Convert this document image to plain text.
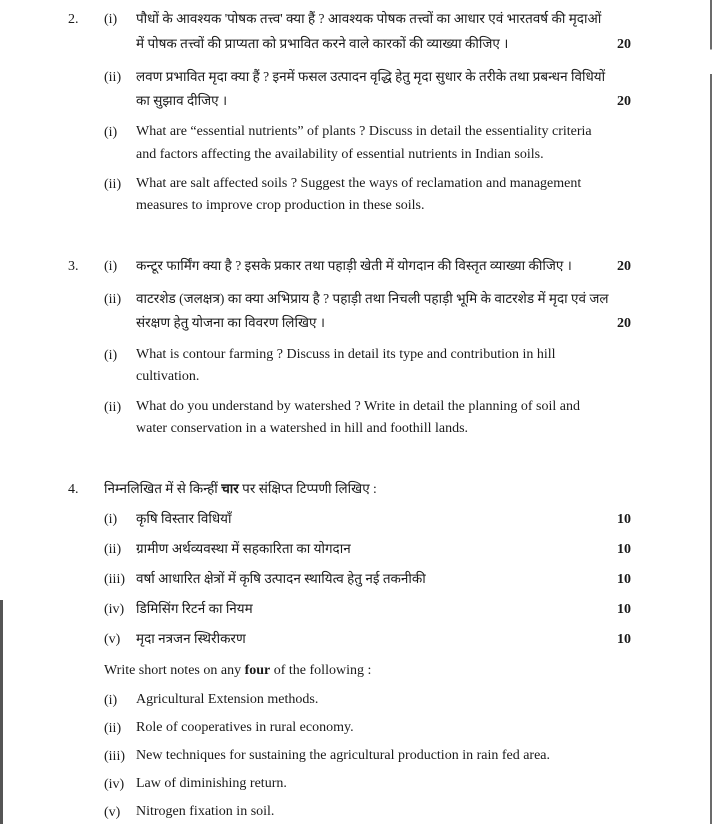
2. (i) पौधों के आवश्यक 'पोषक तत्त्व' क्या हैं ? आवश्यक पोषक तत्त्वों का आधार एवं भारतवर्ष की मृदाओं
में पोषक तत्त्वों की प्राप्यता को प्रभावित करने वाले कारकों की व्याख्या कीजिए ।	20
(ii) लवण प्रभावित मृदा क्या हैं ? इनमें फसल उत्पादन वृद्धि हेतु मृदा सुधार के तरीके तथा प्रबन्धन विधियों
का सुझाव दीजिए ।	20
(i) What are “essential nutrients” of plants ? Discuss in detail the essentiality criteria
and factors affecting the availability of essential nutrients in Indian soils.
(ii) What are salt affected soils ? Suggest the ways of reclamation and management
measures to improve crop production in these soils.
3. (i) कन्टूर फार्मिंग क्या है ? इसके प्रकार तथा पहाड़ी खेती में योगदान की विस्तृत व्याख्या कीजिए ।	20
(ii) वाटरशेड (जलक्षत्र) का क्या अभिप्राय है ? पहाड़ी तथा निचली पहाड़ी भूमि के वाटरशेड में मृदा एवं जल
संरक्षण हेतु योजना का विवरण लिखिए ।	20
(i) What is contour farming ? Discuss in detail its type and contribution in hill
cultivation.
(ii) What do you understand by watershed ? Write in detail the planning of soil and
water conservation in a watershed in hill and foothill lands.
4. निम्नलिखित में से किन्हीं चार पर संक्षिप्त टिप्पणी लिखिए :
(i) कृषि विस्तार विधियाँ	10
(ii) ग्रामीण अर्थव्यवस्था में सहकारिता का योगदान	10
(iii) वर्षा आधारित क्षेत्रों में कृषि उत्पादन स्थायित्व हेतु नई तकनीकी	10
(iv) डिमिसिंग रिटर्न का नियम	10
(v) मृदा नत्रजन स्थिरीकरण	10
Write short notes on any four of the following :
(i) Agricultural Extension methods.
(ii) Role of cooperatives in rural economy.
(iii) New techniques for sustaining the agricultural production in rain fed area.
(iv) Law of diminishing return.
(v) Nitrogen fixation in soil.
